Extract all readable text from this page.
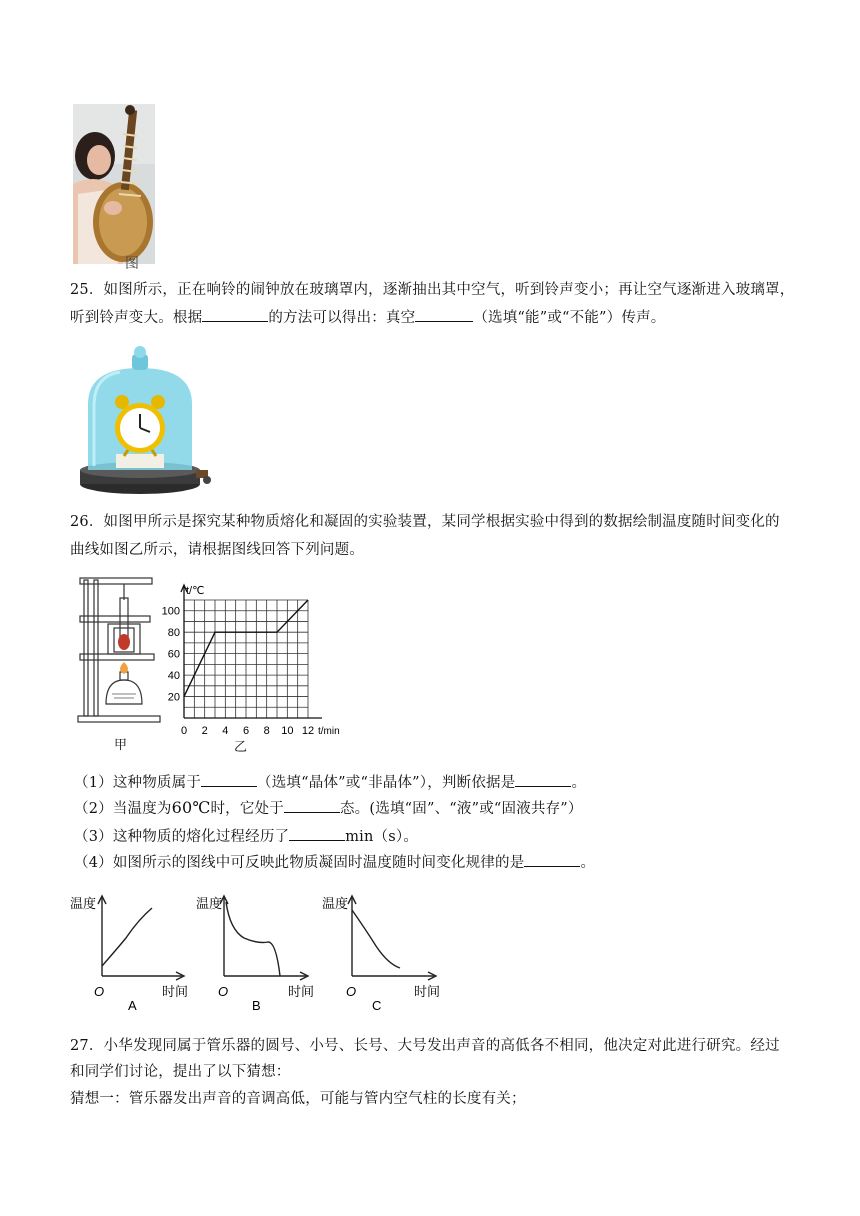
图
25．如图所示，正在响铃的闹钟放在玻璃罩内，逐渐抽出其中空气，听到铃声变小；再让空气逐渐进入玻璃罩，
听到铃声变大。根据	的方法可以得出：真空	（选填“能”或“不能”）传声。
26．如图甲所示是探究某种物质熔化和凝固的实验装置，某同学根据实验中得到的数据绘制温度随时间变化的
曲线如图乙所示，请根据图线回答下列问题。
甲
t/℃
t/min
0 2 4 6 8 10 12
20
40
60
80
100
乙
（1）这种物质属于	（选填“晶体”或“非晶体”），判断依据是	。
（2）当温度为60℃时，它处于	态。(选填“固”、“液”或“固液共存”）
（3）这种物质的熔化过程经历了	min（s）。
（4）如图所示的图线中可反映此物质凝固时温度随时间变化规律的是	。
温度
O
A
时间
温度
O
B
时间
温度
O
C
时间
27．小华发现同属于管乐器的圆号、小号、长号、大号发出声音的高低各不相同，他决定对此进行研究。经过
和同学们讨论，提出了以下猜想：
猜想一：管乐器发出声音的音调高低，可能与管内空气柱的长度有关；
